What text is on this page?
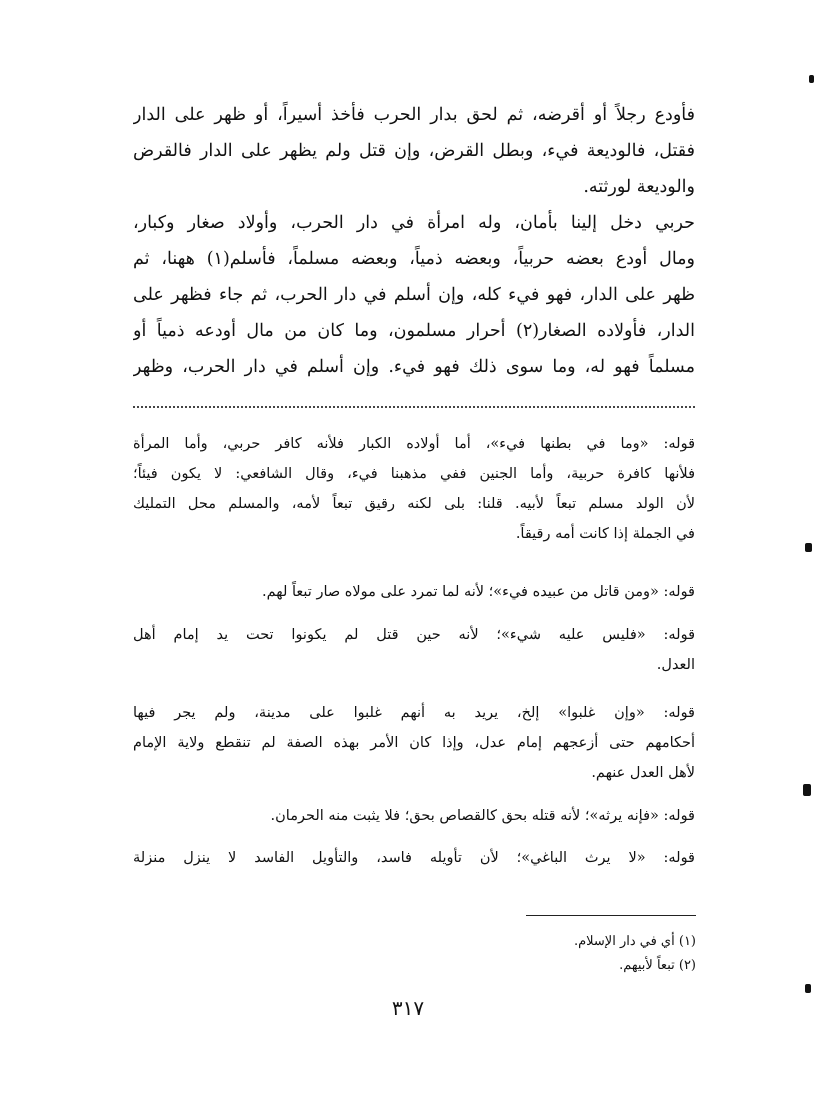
فأودع رجلاً أو أقرضه، ثم لحق بدار الحرب فأخذ أسيراً، أو ظهر على الدار
فقتل، فالوديعة فيء، وبطل القرض، وإن قتل ولم يظهر على الدار فالقرض
والوديعة لورثته.
حربي دخل إلينا بأمان، وله امرأة في دار الحرب، وأولاد صغار وكبار،
ومال أودع بعضه حربياً، وبعضه ذمياً، وبعضه مسلماً، فأسلم(١) ههنا، ثم
ظهر على الدار، فهو فيء كله، وإن أسلم في دار الحرب، ثم جاء فظهر على
الدار، فأولاده الصغار(٢) أحرار مسلمون، وما كان من مال أودعه ذمياً أو
مسلماً فهو له، وما سوى ذلك فهو فيء. وإن أسلم في دار الحرب، وظهر
قوله: «وما في بطنها فيء»، أما أولاده الكبار فلأنه كافر حربي، وأما المرأة
فلأنها كافرة حربية، وأما الجنين ففي مذهبنا فيء، وقال الشافعي: لا يكون فيئاً؛
لأن الولد مسلم تبعاً لأبيه. قلنا: بلى لكنه رقيق تبعاً لأمه، والمسلم محل التمليك
في الجملة إذا كانت أمه رقيقاً.
قوله: «ومن قاتل من عبيده فيء»؛ لأنه لما تمرد على مولاه صار تبعاً لهم.
قوله: «فليس عليه شيء»؛ لأنه حين قتل لم يكونوا تحت يد إمام أهل
العدل.
قوله: «وإن غلبوا» إلخ، يريد به أنهم غلبوا على مدينة، ولم يجر فيها
أحكامهم حتى أزعجهم إمام عدل، وإذا كان الأمر بهذه الصفة لم تنقطع ولاية الإمام
لأهل العدل عنهم.
قوله: «فإنه يرثه»؛ لأنه قتله بحق كالقصاص بحق؛ فلا يثبت منه الحرمان.
قوله: «لا يرث الباغي»؛ لأن تأويله فاسد، والتأويل الفاسد لا ينزل منزلة
(١) أي في دار الإسلام.
(٢) تبعاً لأبيهم.
٣١٧
